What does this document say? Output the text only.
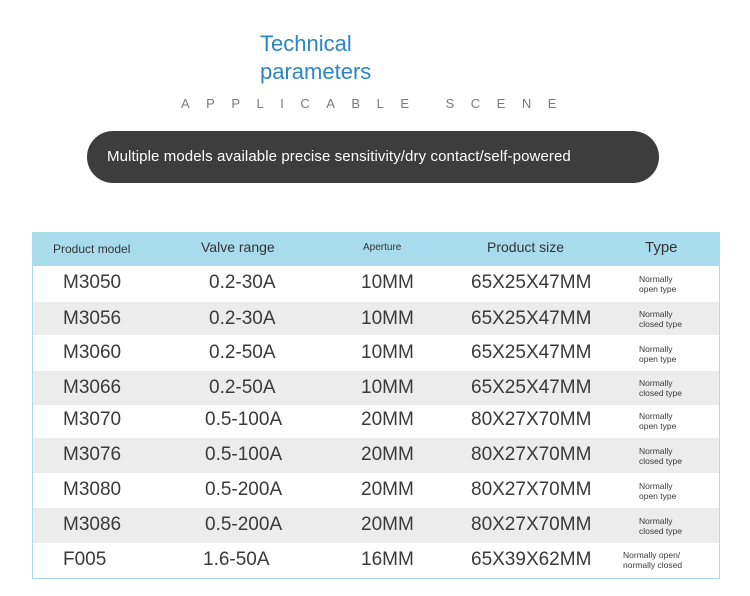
Technical
parameters
APPLICABLE SCENE
Multiple models available precise sensitivity/dry contact/self-powered
Product model	Valve range	Aperture	Product size	Type
M3050	0.2-30A	10MM	65X25X47MM	Normally
open type
M3056	0.2-30A	10MM	65X25X47MM	Normally
closed type
M3060	0.2-50A	10MM	65X25X47MM	Normally
open type
M3066	0.2-50A	10MM	65X25X47MM	Normally
closed type
M3070	0.5-100A	20MM	80X27X70MM	Normally
open type
M3076	0.5-100A	20MM	80X27X70MM	Normally
closed type
M3080	0.5-200A	20MM	80X27X70MM	Normally
open type
M3086	0.5-200A	20MM	80X27X70MM	Normally
closed type
F005	1.6-50A	16MM	65X39X62MM	Normally open/
normally closed
